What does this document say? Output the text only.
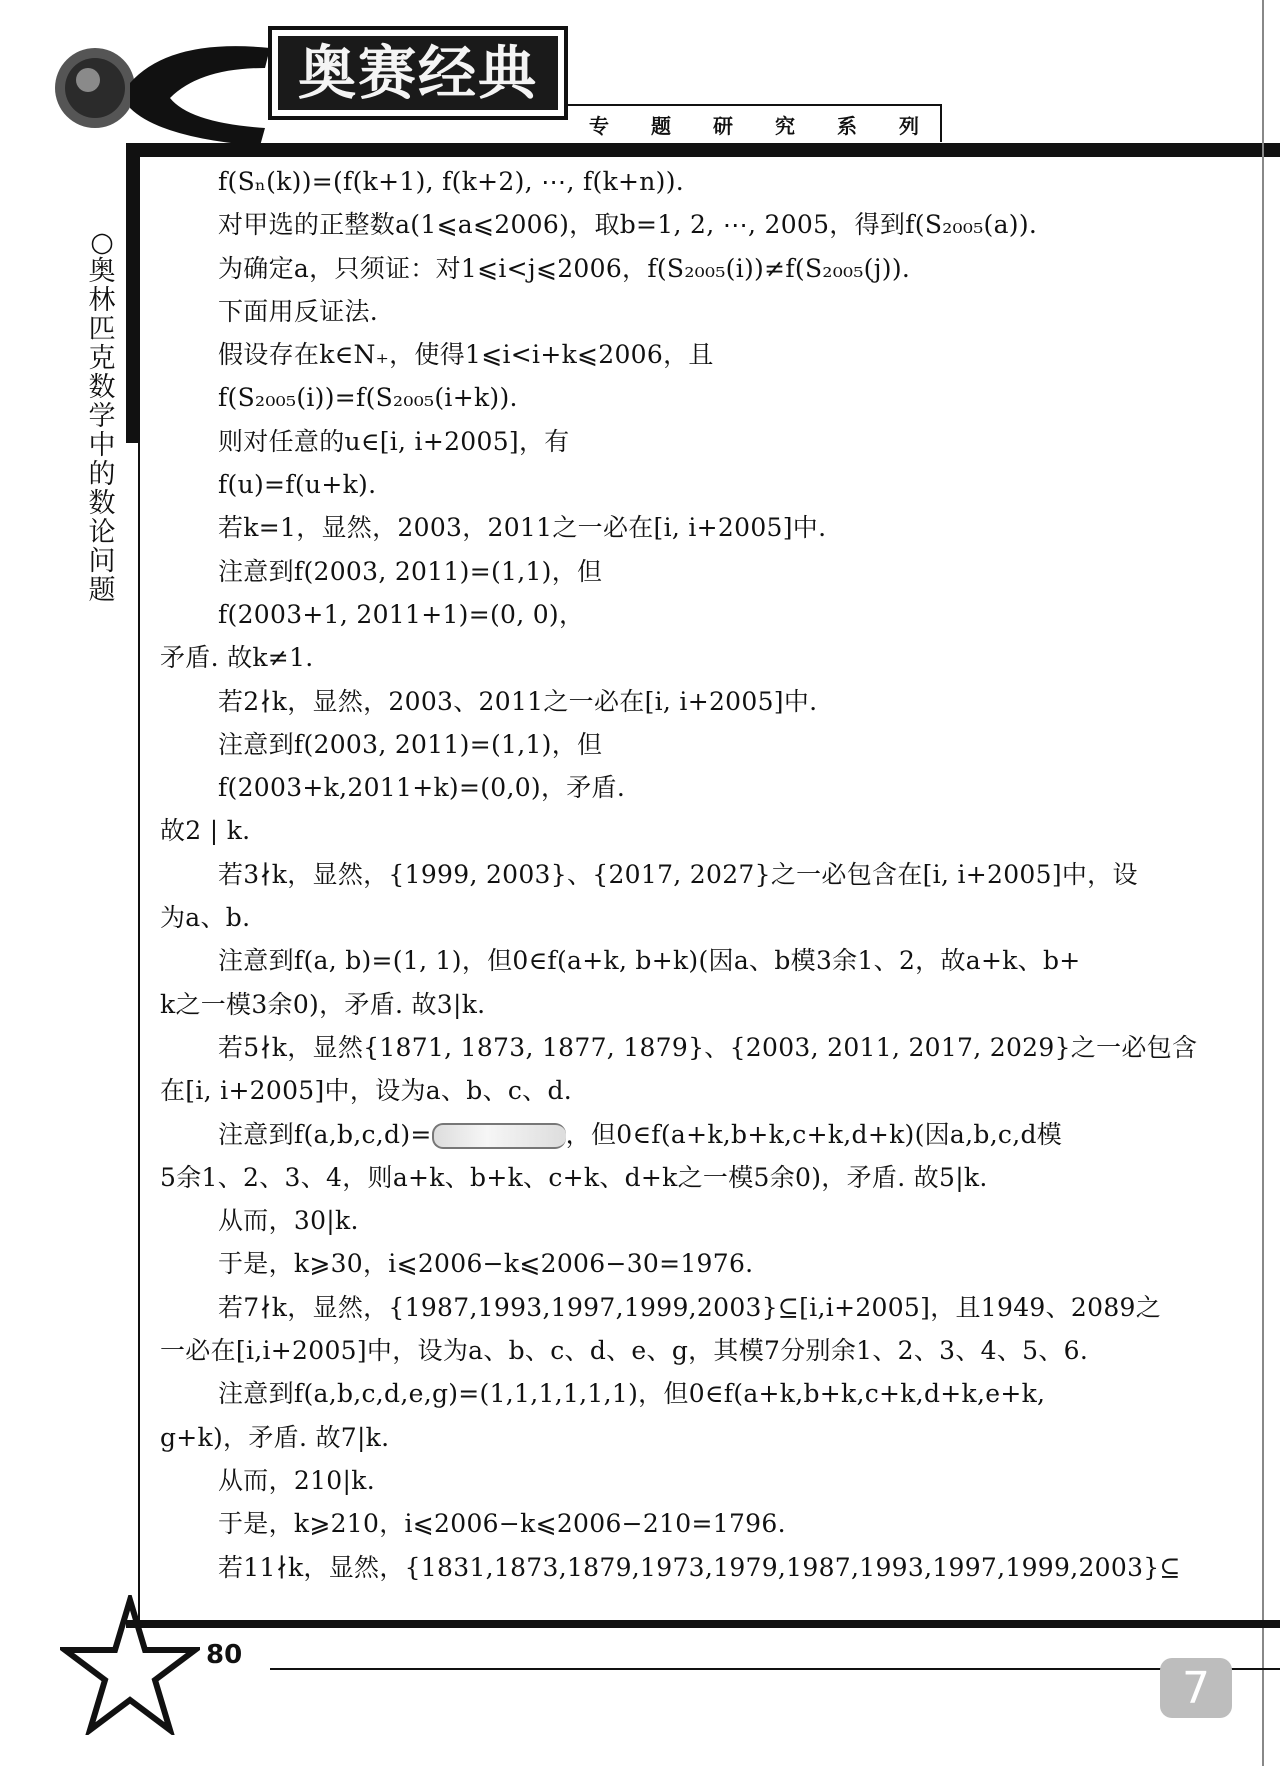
奥赛经典
专 题 研 究 系 列
○奥林匹克数学中的数论问题
f(Sₙ(k))=(f(k+1), f(k+2), ⋯, f(k+n)).
对甲选的正整数a(1⩽a⩽2006)，取b=1, 2, ⋯, 2005，得到f(S₂₀₀₅(a)).
为确定a，只须证：对1⩽i<j⩽2006，f(S₂₀₀₅(i))≠f(S₂₀₀₅(j)).
下面用反证法.
假设存在k∈N₊，使得1⩽i<i+k⩽2006，且
f(S₂₀₀₅(i))=f(S₂₀₀₅(i+k)).
则对任意的u∈[i, i+2005]，有
f(u)=f(u+k).
若k=1，显然，2003，2011之一必在[i, i+2005]中.
注意到f(2003, 2011)=(1,1)，但
f(2003+1, 2011+1)=(0, 0)，
矛盾. 故k≠1.
若2∤k，显然，2003、2011之一必在[i, i+2005]中.
注意到f(2003, 2011)=(1,1)，但
f(2003+k,2011+k)=(0,0)，矛盾.
故2 | k.
若3∤k，显然，{1999, 2003}、{2017, 2027}之一必包含在[i, i+2005]中，设
为a、b.
注意到f(a, b)=(1, 1)，但0∈f(a+k, b+k)(因a、b模3余1、2，故a+k、b+
k之一模3余0)，矛盾. 故3|k.
若5∤k，显然{1871, 1873, 1877, 1879}、{2003, 2011, 2017, 2029}之一必包含
在[i, i+2005]中，设为a、b、c、d.
注意到f(a,b,c,d)=	，但0∈f(a+k,b+k,c+k,d+k)(因a,b,c,d模
5余1、2、3、4，则a+k、b+k、c+k、d+k之一模5余0)，矛盾. 故5|k.
从而，30|k.
于是，k⩾30，i⩽2006−k⩽2006−30=1976.
若7∤k，显然，{1987,1993,1997,1999,2003}⊆[i,i+2005]，且1949、2089之
一必在[i,i+2005]中，设为a、b、c、d、e、g，其模7分别余1、2、3、4、5、6.
注意到f(a,b,c,d,e,g)=(1,1,1,1,1,1)，但0∈f(a+k,b+k,c+k,d+k,e+k,
g+k)，矛盾. 故7|k.
从而，210|k.
于是，k⩾210，i⩽2006−k⩽2006−210=1796.
若11∤k，显然，{1831,1873,1879,1973,1979,1987,1993,1997,1999,2003}⊆
80
7
